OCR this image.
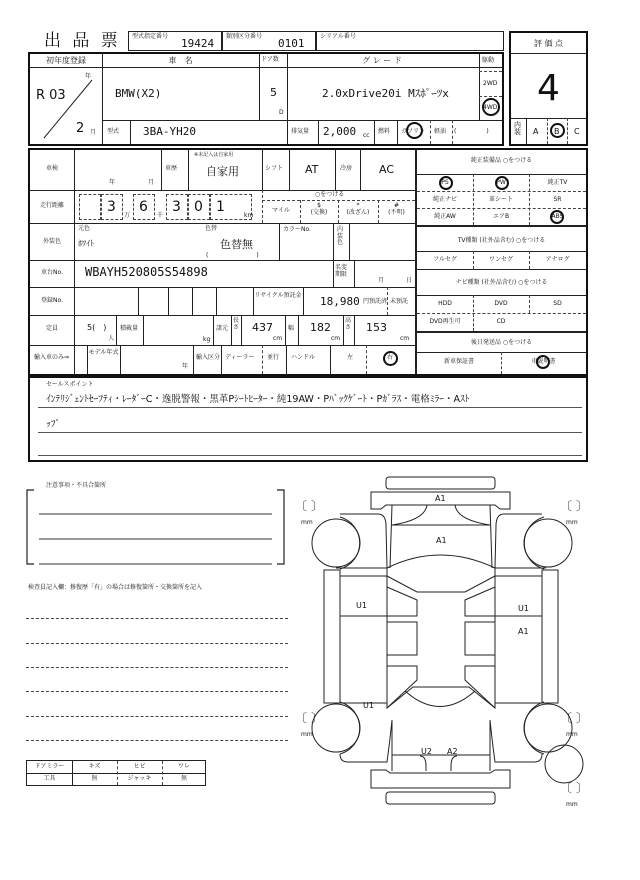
出 品 票 型式指定番号
19424
類別区分番号
0101
シリアル番号
評 価 点
4
内装 A B C
初年度登録
R 03
年
2 月
車　名
BMW(X2)
ドア数
5
D
グ レ ー ド
2.0xDrive20i Mｽﾎﾟｰﾂx
駆動
2WD
4WD
型式 3BA-YH20	排気量 2,000 cc
燃料 ガソリン 軽油 (　　　　　)
車検
年	月
車歴
※未記入は自家用
自家用	シフト AT	冷房 AC
走行距離	3
万
6
千
3 0 1
km
○をつける
マイル
$
(交換)
*
(改ざん)
#
(不明)
外装色
元色
ﾎﾜｲﾄ
色替
色替無
(　　　　　　　　)
カラーNo.	内装色
車台No.	WBAYH520805S54898	名変期限
月	日
登録No.
リサイクル預託金 18,980 円預託済 未預託
定員	5(　)
人
積載量
kg
諸元
長さ 437
cm
幅 182
cm
高さ 153
cm
輸入車のみ⇒
モデル年式
年
輸入区分 ディーラー 並行 ハンドル	左	右
純正装備品 ○をつける
PS	PW	純正TV
純正ナビ	革シート	SR
純正AW	エアB	ABS
TV種類 (社外品含む) ○をつける
フルセグ	ワンセグ	アナログ
ナビ種類 (社外品含む) ○をつける
HDD	DVD	SD
DVD再生可	CD
後日発送品 ○をつける
新車保証書	車説明書
セールスポイント
ｲﾝﾃﾘｼﾞｪﾝﾄｾｰﾌﾃｨ・ﾚｰﾀﾞｰC・逸脱警報・黒革Pｼｰﾄﾋｰﾀｰ・純19AW・Pﾊﾞｯｸｹﾞｰﾄ・Pｶﾞﾗｽ・電格ﾐﾗｰ・Aｽﾄ
ｯﾌﾟ
注意事項・不具合箇所
検査員記入欄：修復歴「有」の場合は修復箇所・交換箇所を記入
ドアミラー	キズ	ヒビ	ワレ
工具	無	ジャッキ	無
A1
A1
U1	U1
A1
U1
U2 A2
〔 〕
mm
〔 〕
mm
〔 〕
mm
〔 〕
mm
〔 〕
mm
